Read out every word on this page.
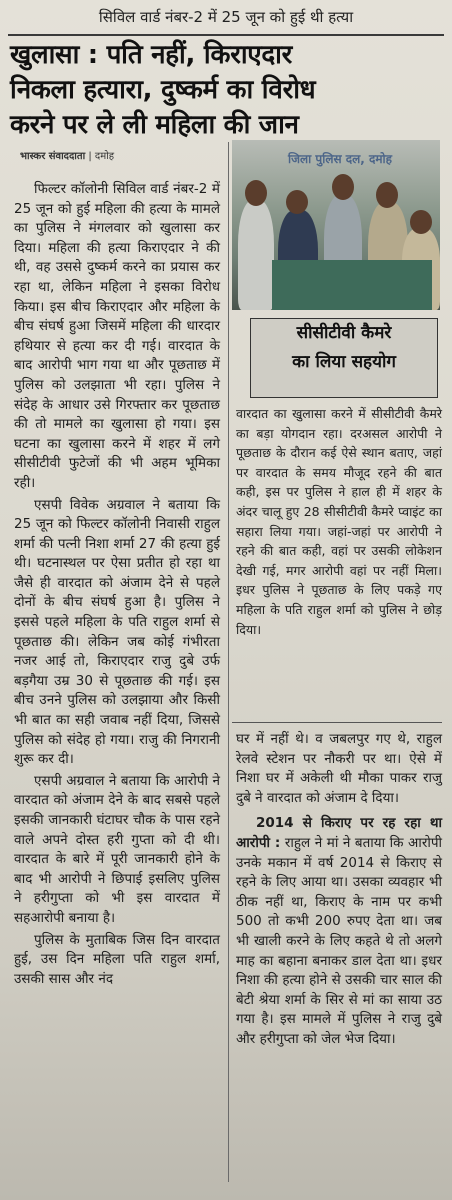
सिविल वार्ड नंबर-2 में 25 जून को हुई थी हत्या
खुलासा : पति नहीं, किराएदार
निकला हत्यारा, दुष्कर्म का विरोध
करने पर ले ली महिला की जान
भास्कर संवाददाता | दमोह

फिल्टर कॉलोनी सिविल वार्ड नंबर-2 में 25 जून को हुई महिला की हत्या के मामले का पुलिस ने मंगलवार को खुलासा कर दिया। महिला की हत्या किराएदार ने की थी, वह उससे दुष्कर्म करने का प्रयास कर रहा था, लेकिन महिला ने इसका विरोध किया। इस बीच किराएदार और महिला के बीच संघर्ष हुआ जिसमें महिला की धारदार हथियार से हत्या कर दी गई। वारदात के बाद आरोपी भाग गया था और पूछताछ में पुलिस को उलझाता भी रहा। पुलिस ने संदेह के आधार उसे गिरफ्तार कर पूछताछ की तो मामले का खुलासा हो गया। इस घटना का खुलासा करने में शहर में लगे सीसीटीवी फुटेजों की भी अहम भूमिका रही।

एसपी विवेक अग्रवाल ने बताया कि 25 जून को फिल्टर कॉलोनी निवासी राहुल शर्मा की पत्नी निशा शर्मा 27 की हत्या हुई थी। घटनास्थल पर ऐसा प्रतीत हो रहा था जैसे ही वारदात को अंजाम देने से पहले दोनों के बीच संघर्ष हुआ है। पुलिस ने इससे पहले महिला के पति राहुल शर्मा से पूछताछ की। लेकिन जब कोई गंभीरता नजर आई तो, किराएदार राजु दुबे उर्फ बड़गैया उम्र 30 से पूछताछ की गई। इस बीच उनने पुलिस को उलझाया और किसी भी बात का सही जवाब नहीं दिया, जिससे पुलिस को संदेह हो गया। राजु की निगरानी शुरू कर दी।

एसपी अग्रवाल ने बताया कि आरोपी ने वारदात को अंजाम देने के बाद सबसे पहले इसकी जानकारी घंटाघर चौक के पास रहने वाले अपने दोस्त हरी गुप्ता को दी थी। वारदात के बारे में पूरी जानकारी होने के बाद भी आरोपी ने छिपाई इसलिए पुलिस ने हरीगुप्ता को भी इस वारदात में सहआरोपी बनाया है।

पुलिस के मुताबिक जिस दिन वारदात हुई, उस दिन महिला पति राहुल शर्मा, उसकी सास और नंद

जिला पुलिस दल, दमोह
सीसीटीवी कैमरे
का लिया सहयोग

वारदात का खुलासा करने में सीसीटीवी कैमरे का बड़ा योगदान रहा। दरअसल आरोपी ने पूछताछ के दौरान कई ऐसे स्थान बताए, जहां पर वारदात के समय मौजूद रहने की बात कही, इस पर पुलिस ने हाल ही में शहर के अंदर चालू हुए 28 सीसीटीवी कैमरे प्वाइंट का सहारा लिया गया। जहां-जहां पर आरोपी ने रहने की बात कही, वहां पर उसकी लोकेशन देखी गई, मगर आरोपी वहां पर नहीं मिला। इधर पुलिस ने पूछताछ के लिए पकड़े गए महिला के पति राहुल शर्मा को पुलिस ने छोड़ दिया।

घर में नहीं थे। व जबलपुर गए थे, राहुल रेलवे स्टेशन पर नौकरी पर था। ऐसे में निशा घर में अकेली थी मौका पाकर राजु दुबे ने वारदात को अंजाम दे दिया।

2014 से किराए पर रह रहा था आरोपी : राहुल ने मां ने बताया कि आरोपी उनके मकान में वर्ष 2014 से किराए से रहने के लिए आया था। उसका व्यवहार भी ठीक नहीं था, किराए के नाम पर कभी 500 तो कभी 200 रुपए देता था। जब भी खाली करने के लिए कहते थे तो अलगे माह का बहाना बनाकर डाल देता था। इधर निशा की हत्या होने से उसकी चार साल की बेटी श्रेया शर्मा के सिर से मां का साया उठ गया है। इस मामले में पुलिस ने राजु दुबे और हरीगुप्ता को जेल भेज दिया।
